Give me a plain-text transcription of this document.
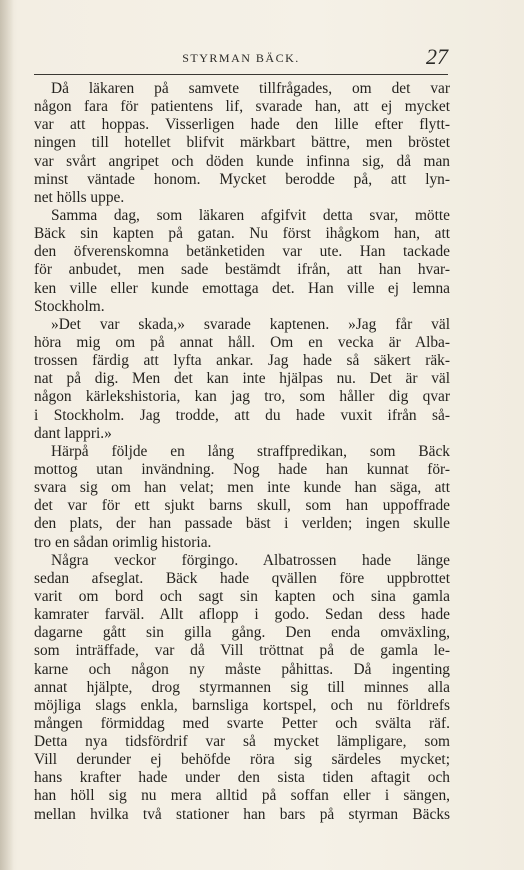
STYRMAN BÄCK.	27
Då läkaren på samvete tillfrågades, om det var
någon fara för patientens lif, svarade han, att ej mycket
var att hoppas. Visserligen hade den lille efter flytt-
ningen till hotellet blifvit märkbart bättre, men bröstet
var svårt angripet och döden kunde infinna sig, då man
minst väntade honom. Mycket berodde på, att lyn-
net hölls uppe.
Samma dag, som läkaren afgifvit detta svar, mötte
Bäck sin kapten på gatan. Nu först ihågkom han, att
den öfverenskomna betänketiden var ute. Han tackade
för anbudet, men sade bestämdt ifrån, att han hvar-
ken ville eller kunde emottaga det. Han ville ej lemna
Stockholm.
»Det var skada,» svarade kaptenen. »Jag får väl
höra mig om på annat håll. Om en vecka är Alba-
trossen färdig att lyfta ankar. Jag hade så säkert räk-
nat på dig. Men det kan inte hjälpas nu. Det är väl
någon kärlekshistoria, kan jag tro, som håller dig qvar
i Stockholm. Jag trodde, att du hade vuxit ifrån så-
dant lappri.»
Härpå följde en lång straffpredikan, som Bäck
mottog utan invändning. Nog hade han kunnat för-
svara sig om han velat; men inte kunde han säga, att
det var för ett sjukt barns skull, som han uppoffrade
den plats, der han passade bäst i verlden; ingen skulle
tro en sådan orimlig historia.
Några veckor förgingo. Albatrossen hade länge
sedan afseglat. Bäck hade qvällen före uppbrottet
varit om bord och sagt sin kapten och sina gamla
kamrater farväl. Allt aflopp i godo. Sedan dess hade
dagarne gått sin gilla gång. Den enda omväxling,
som inträffade, var då Vill tröttnat på de gamla le-
karne och någon ny måste påhittas. Då ingenting
annat hjälpte, drog styrmannen sig till minnes alla
möjliga slags enkla, barnsliga kortspel, och nu förldrefs
mången förmiddag med svarte Petter och svälta räf.
Detta nya tidsfördrif var så mycket lämpligare, som
Vill derunder ej behöfde röra sig särdeles mycket;
hans krafter hade under den sista tiden aftagit och
han höll sig nu mera alltid på soffan eller i sängen,
mellan hvilka två stationer han bars på styrman Bäcks
